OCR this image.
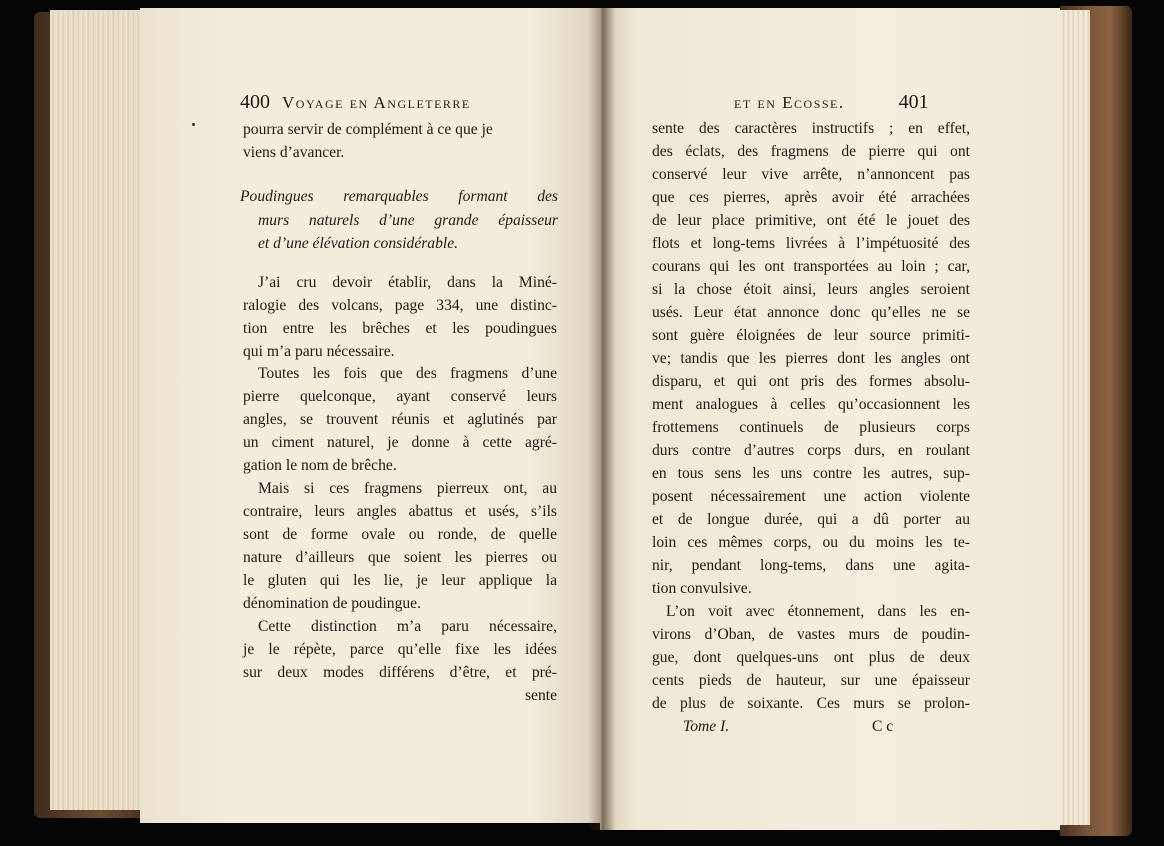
400 Voyage en Angleterre
pourra servir de complément à ce que je
viens d’avancer.
Poudingues remarquables formant des
murs naturels d’une grande épaisseur
et d’une élévation considérable.
J’ai cru devoir établir, dans la Miné-
ralogie des volcans, page 334, une distinc-
tion entre les brêches et les poudingues
qui m’a paru nécessaire.
Toutes les fois que des fragmens d’une
pierre quelconque, ayant conservé leurs
angles, se trouvent réunis et aglutinés par
un ciment naturel, je donne à cette agré-
gation le nom de brêche.
Mais si ces fragmens pierreux ont, au
contraire, leurs angles abattus et usés, s’ils
sont de forme ovale ou ronde, de quelle
nature d’ailleurs que soient les pierres ou
le gluten qui les lie, je leur applique la
dénomination de poudingue.
Cette distinction m’a paru nécessaire,
je le répète, parce qu’elle fixe les idées
sur deux modes différens d’être, et pré-
sente
et en Ecosse.	401
sente des caractères instructifs ; en effet,
des éclats, des fragmens de pierre qui ont
conservé leur vive arrête, n’annoncent pas
que ces pierres, après avoir été arrachées
de leur place primitive, ont été le jouet des
flots et long-tems livrées à l’impétuosité des
courans qui les ont transportées au loin ; car,
si la chose étoit ainsi, leurs angles seroient
usés. Leur état annonce donc qu’elles ne se
sont guère éloignées de leur source primiti-
ve; tandis que les pierres dont les angles ont
disparu, et qui ont pris des formes absolu-
ment analogues à celles qu’occasionnent les
frottemens continuels de plusieurs corps
durs contre d’autres corps durs, en roulant
en tous sens les uns contre les autres, sup-
posent nécessairement une action violente
et de longue durée, qui a dû porter au
loin ces mêmes corps, ou du moins les te-
nir, pendant long-tems, dans une agita-
tion convulsive.
L’on voit avec étonnement, dans les en-
virons d’Oban, de vastes murs de poudin-
gue, dont quelques-uns ont plus de deux
cents pieds de hauteur, sur une épaisseur
de plus de soixante. Ces murs se prolon-
Tome I.	C c
